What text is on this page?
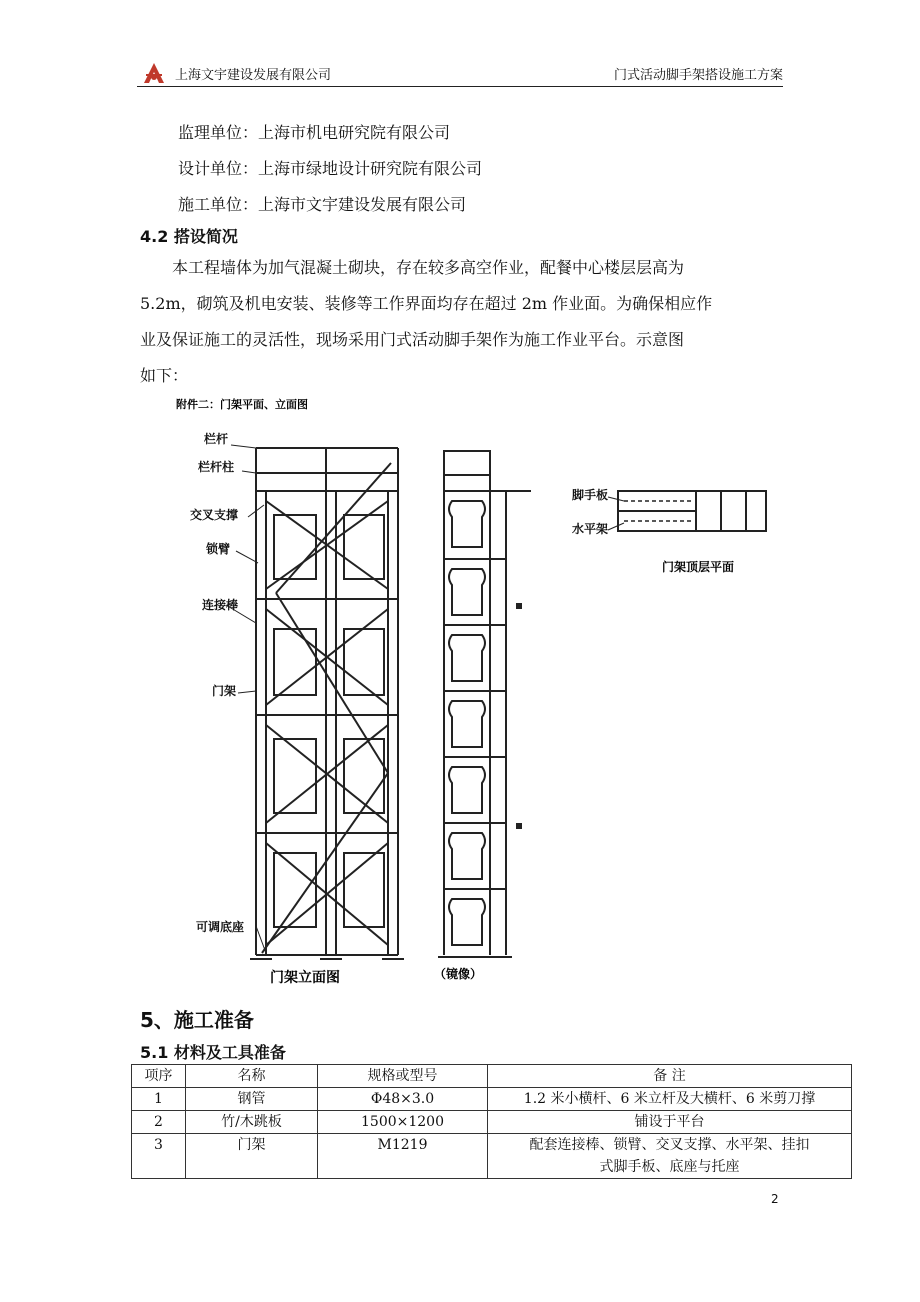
上海文宇建设发展有限公司	门式活动脚手架搭设施工方案
监理单位：上海市机电研究院有限公司
设计单位：上海市绿地设计研究院有限公司
施工单位：上海市文宇建设发展有限公司
4.2 搭设简况
本工程墙体为加气混凝土砌块，存在较多高空作业，配餐中心楼层层高为
5.2m，砌筑及机电安装、装修等工作界面均存在超过 2m 作业面。为确保相应作
业及保证施工的灵活性，现场采用门式活动脚手架作为施工作业平台。示意图
如下：
附件二：门架平面、立面图
栏杆
栏杆柱
交叉支撑
锁臂
连接棒
门架
可调底座
门架立面图	（镜像）
脚手板
水平架
门架顶层平面
5、施工准备
5.1 材料及工具准备
项序	名称	规格或型号	备 注
1	钢管	Φ48×3.0	1.2 米小横杆、6 米立杆及大横杆、6 米剪刀撑
2	竹/木跳板	1500×1200	铺设于平台
3	门架	M1219	配套连接棒、锁臂、交叉支撑、水平架、挂扣式脚手板、底座与托座
2
